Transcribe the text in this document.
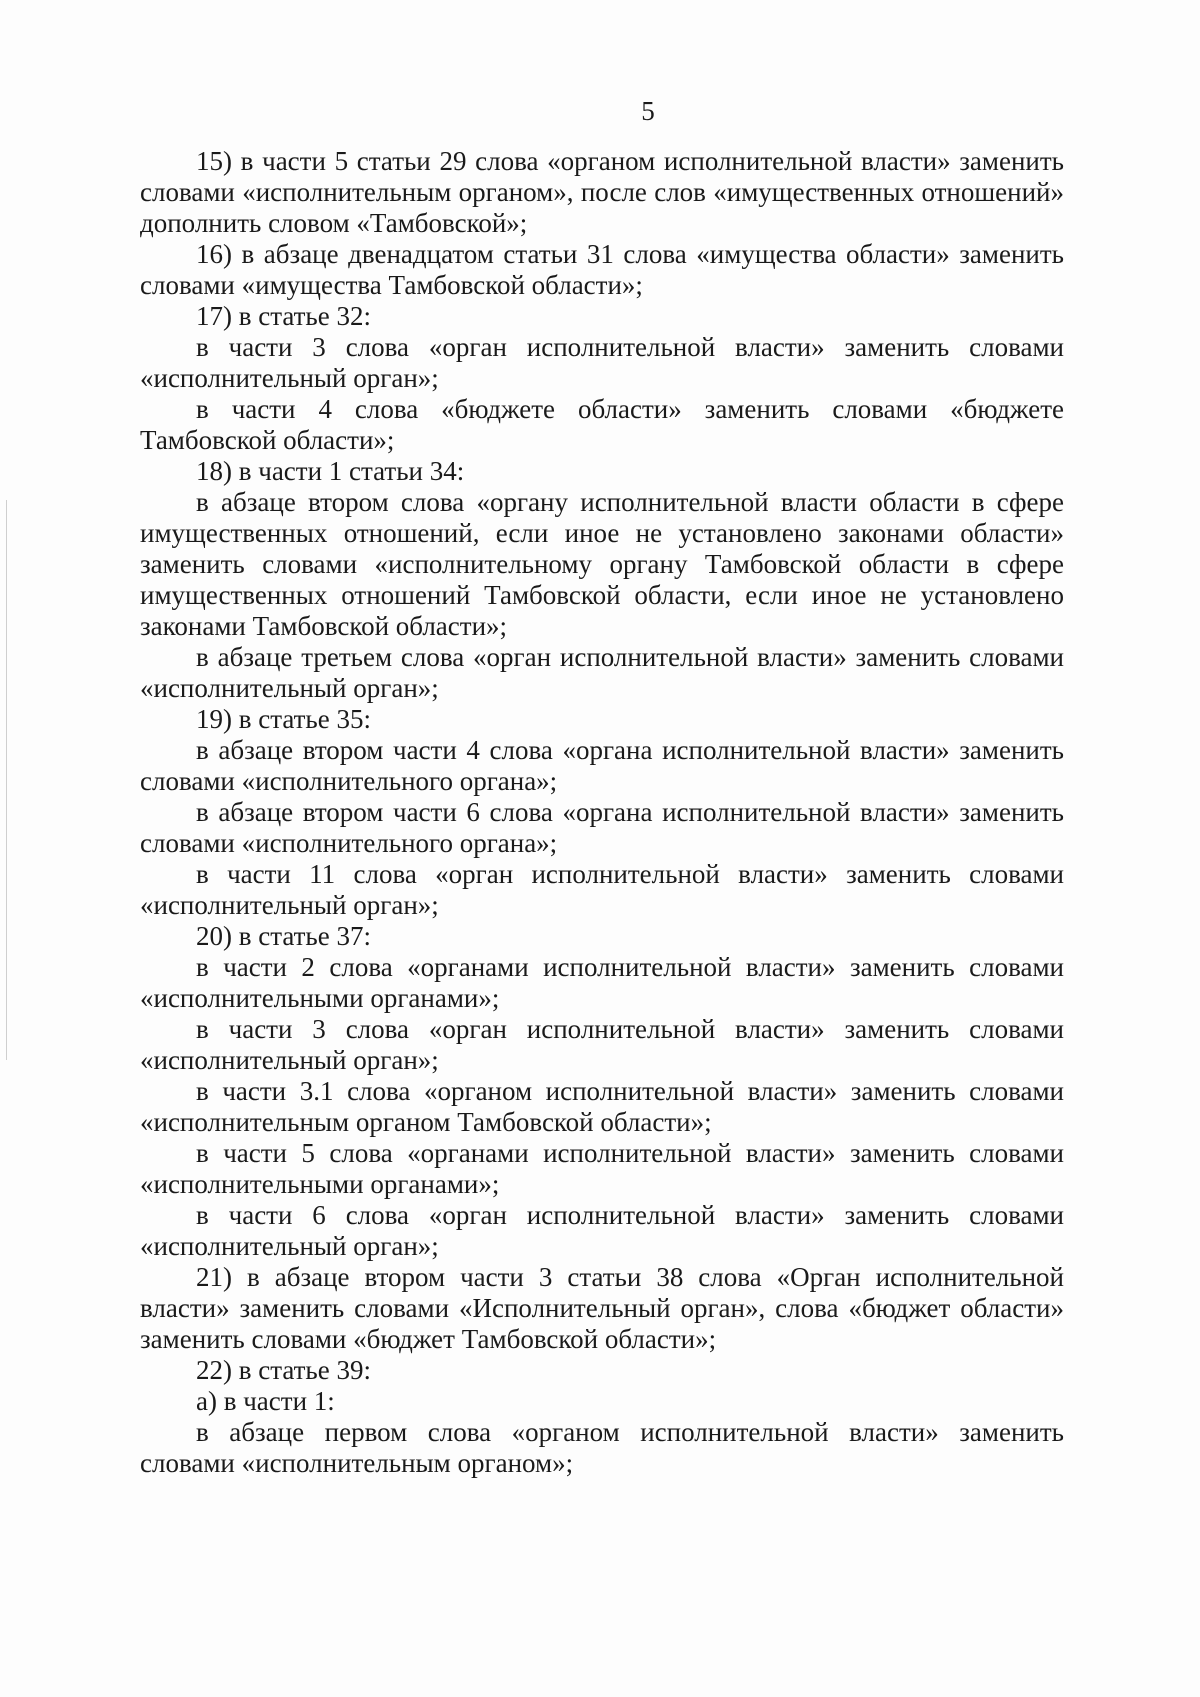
5

15) в части 5 статьи 29 слова «органом исполнительной власти» заменить словами «исполнительным органом», после слов «имущественных отношений» дополнить словом «Тамбовской»;

16) в абзаце двенадцатом статьи 31 слова «имущества области» заменить словами «имущества Тамбовской области»;

17) в статье 32:

в части 3 слова «орган исполнительной власти» заменить словами «исполнительный орган»;

в части 4 слова «бюджете области» заменить словами «бюджете Тамбовской области»;

18) в части 1 статьи 34:

в абзаце втором слова «органу исполнительной власти области в сфере имущественных отношений, если иное не установлено законами области» заменить словами «исполнительному органу Тамбовской области в сфере имущественных отношений Тамбовской области, если иное не установлено законами Тамбовской области»;

в абзаце третьем слова «орган исполнительной власти» заменить словами «исполнительный орган»;

19) в статье 35:

в абзаце втором части 4 слова «органа исполнительной власти» заменить словами «исполнительного органа»;

в абзаце втором части 6 слова «органа исполнительной власти» заменить словами «исполнительного органа»;

в части 11 слова «орган исполнительной власти» заменить словами «исполнительный орган»;

20) в статье 37:

в части 2 слова «органами исполнительной власти» заменить словами «исполнительными органами»;

в части 3 слова «орган исполнительной власти» заменить словами «исполнительный орган»;

в части 3.1 слова «органом исполнительной власти» заменить словами «исполнительным органом Тамбовской области»;

в части 5 слова «органами исполнительной власти» заменить словами «исполнительными органами»;

в части 6 слова «орган исполнительной власти» заменить словами «исполнительный орган»;

21) в абзаце втором части 3 статьи 38 слова «Орган исполнительной власти» заменить словами «Исполнительный орган», слова «бюджет области» заменить словами «бюджет Тамбовской области»;

22) в статье 39:

а) в части 1:

в абзаце первом слова «органом исполнительной власти» заменить словами «исполнительным органом»;
